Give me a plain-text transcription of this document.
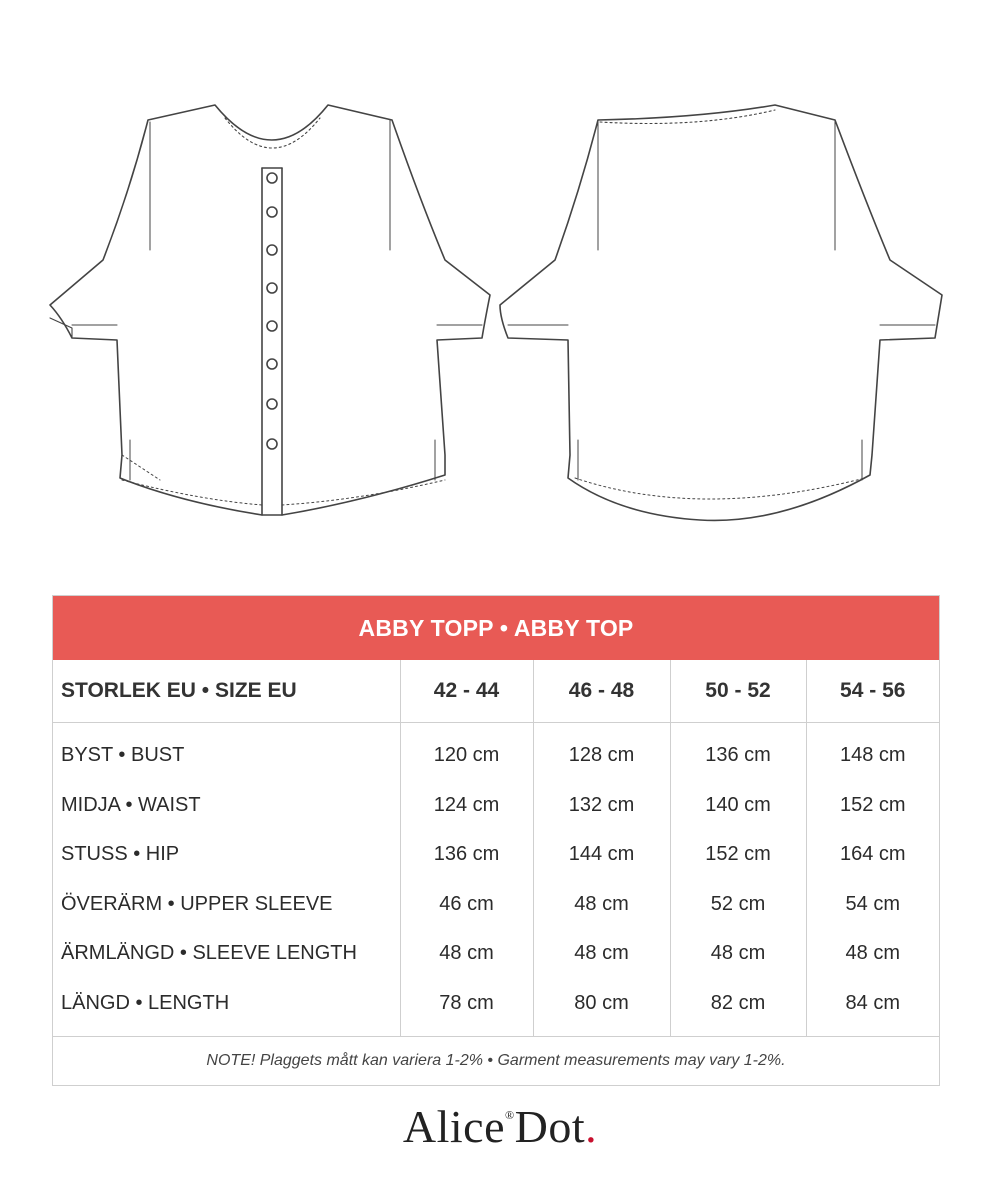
ABBY TOPP • ABBY TOP
STORLEK EU • SIZE EU	42 - 44	46 - 48	50 - 52	54 - 56
BYST • BUST	120 cm	128 cm	136 cm	148 cm
MIDJA • WAIST	124 cm	132 cm	140 cm	152 cm
STUSS • HIP	136 cm	144 cm	152 cm	164 cm
ÖVERÄRM • UPPER SLEEVE	46 cm	48 cm	52 cm	54 cm
ÄRMLÄNGD • SLEEVE LENGTH	48 cm	48 cm	48 cm	48 cm
LÄNGD • LENGTH	78 cm	80 cm	82 cm	84 cm
NOTE! Plaggets mått kan variera 1-2% • Garment measurements may vary 1-2%.
Alice®Dot.
